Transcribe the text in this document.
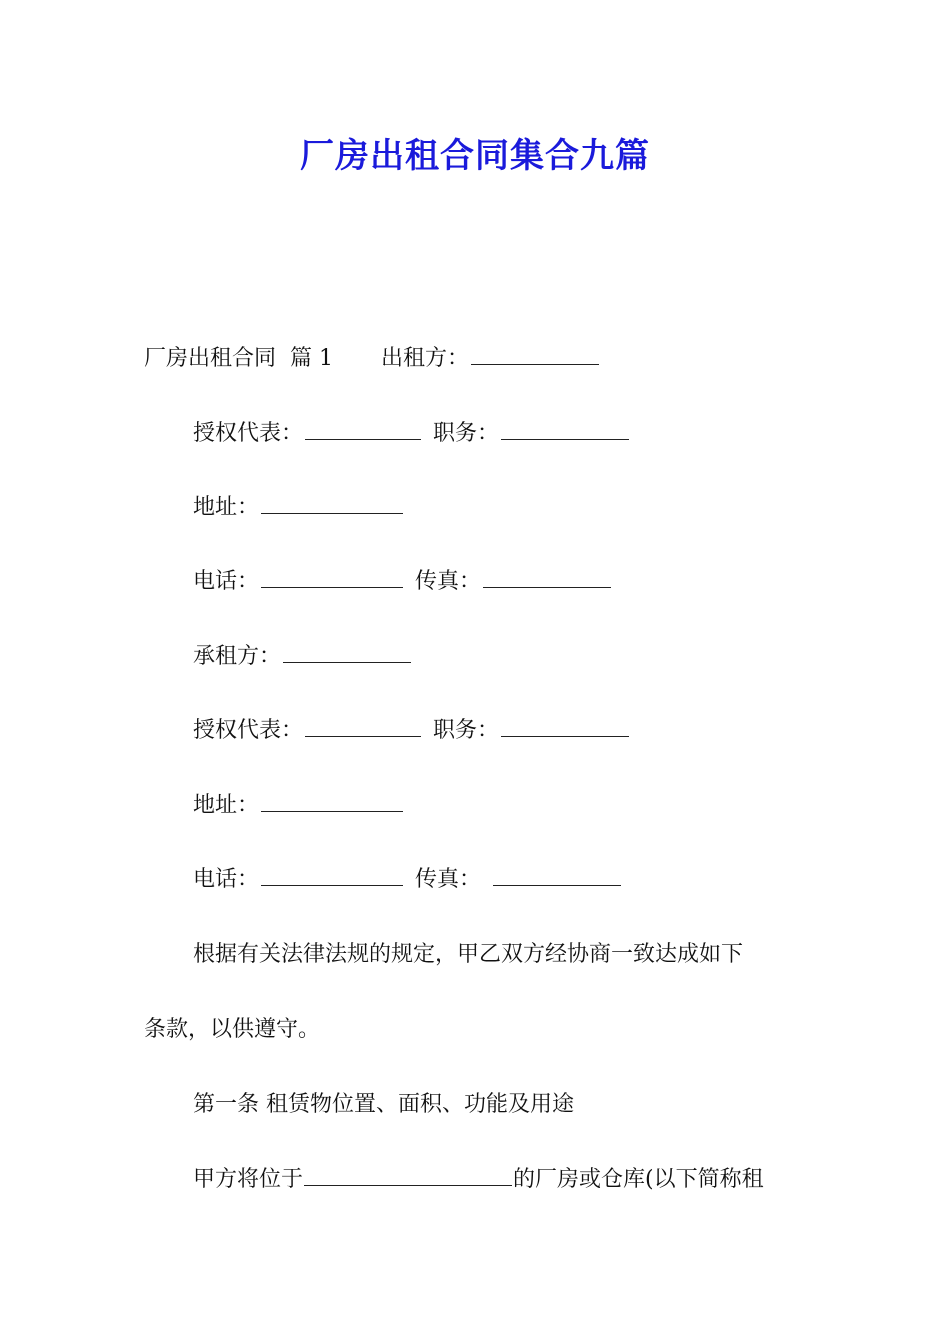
厂房出租合同集合九篇
厂房出租合同 篇 1 出租方：
授权代表：	职务：
地址：
电话：	传真：
承租方：
授权代表：	职务：
地址：
电话：	传真：
根据有关法律法规的规定，甲乙双方经协商一致达成如下
条款，以供遵守。
第一条 租赁物位置、面积、功能及用途
甲方将位于	的厂房或仓库(以下简称租
